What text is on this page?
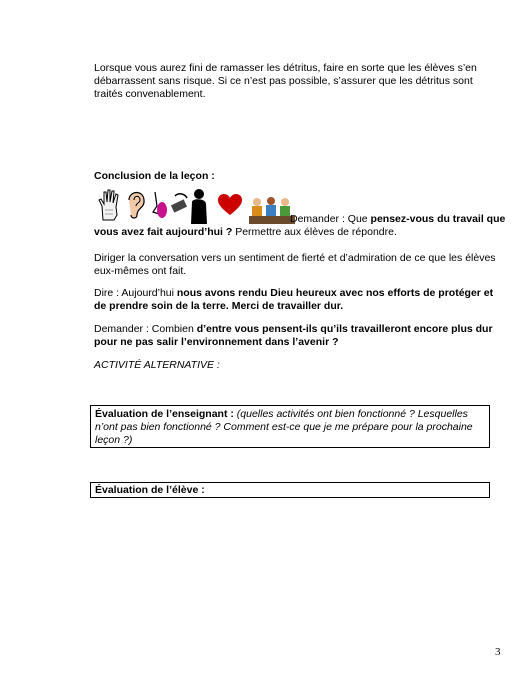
Lorsque vous aurez fini de ramasser les détritus, faire en sorte que les élèves s’en débarrassent sans risque. Si ce n’est pas possible, s’assurer que les détritus sont traités convenablement.

Conclusion de la leçon :

Demander : Que pensez-vous du travail que vous avez fait aujourd’hui ? Permettre aux élèves de répondre.

Diriger la conversation vers un sentiment de fierté et d’admiration de ce que les élèves eux-mêmes ont fait.

Dire : Aujourd’hui nous avons rendu Dieu heureux avec nos efforts de protéger et de prendre soin de la terre. Merci de travailler dur.

Demander : Combien d’entre vous pensent-ils qu’ils travailleront encore plus dur pour ne pas salir l’environnement dans l’avenir ?

ACTIVITÉ ALTERNATIVE :

Évaluation de l’enseignant : (quelles activités ont bien fonctionné ? Lesquelles n’ont pas bien fonctionné ? Comment est-ce que je me prépare pour la prochaine leçon ?)
Évaluation de l’élève :
3
